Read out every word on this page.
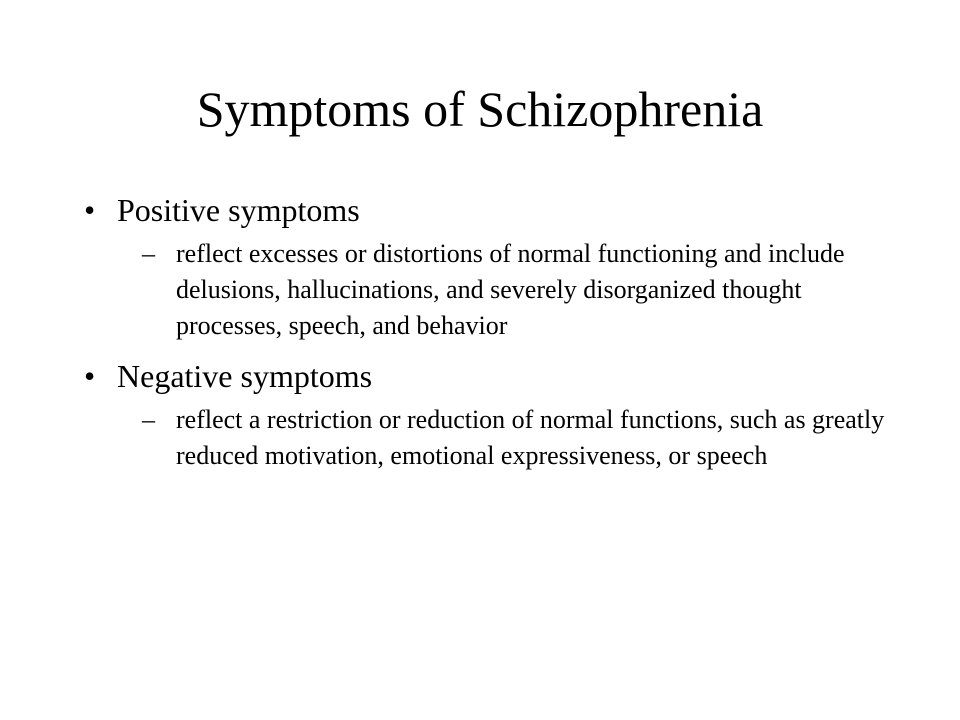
Symptoms of Schizophrenia
• Positive symptoms
– reflect excesses or distortions of normal functioning and include delusions, hallucinations, and severely disorganized thought processes, speech, and behavior
• Negative symptoms
– reflect a restriction or reduction of normal functions, such as greatly reduced motivation, emotional expressiveness, or speech
